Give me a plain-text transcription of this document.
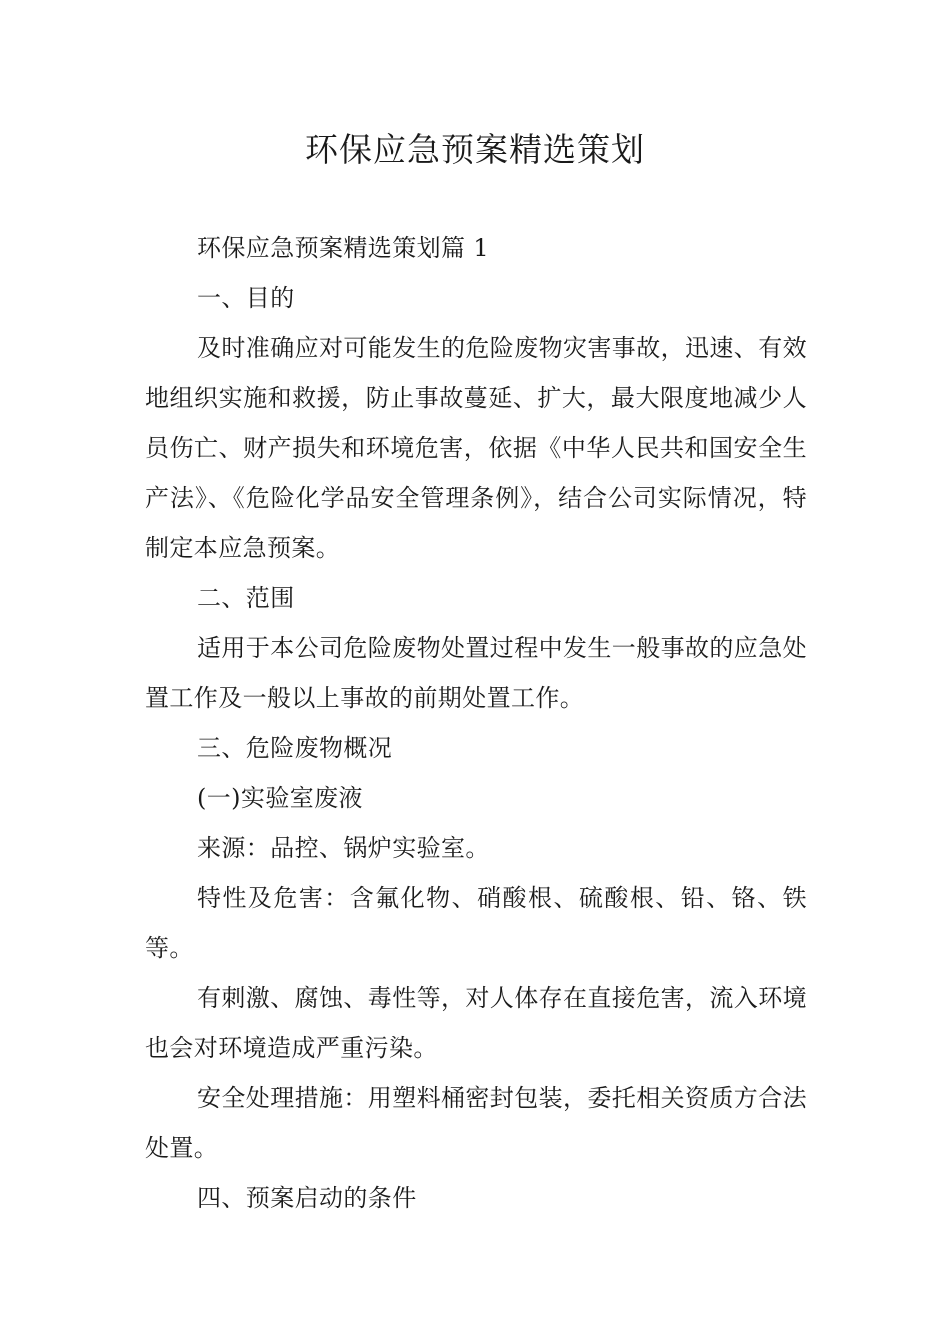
环保应急预案精选策划

环保应急预案精选策划篇 1

一、目的

及时准确应对可能发生的危险废物灾害事故，迅速、有效地组织实施和救援，防止事故蔓延、扩大，最大限度地减少人员伤亡、财产损失和环境危害，依据《中华人民共和国安全生产法》、《危险化学品安全管理条例》，结合公司实际情况，特制定本应急预案。

二、范围

适用于本公司危险废物处置过程中发生一般事故的应急处置工作及一般以上事故的前期处置工作。

三、危险废物概况

(一)实验室废液

来源：品控、锅炉实验室。

特性及危害：含氟化物、硝酸根、硫酸根、铅、铬、铁等。

有刺激、腐蚀、毒性等，对人体存在直接危害，流入环境也会对环境造成严重污染。

安全处理措施：用塑料桶密封包装，委托相关资质方合法处置。

四、预案启动的条件
